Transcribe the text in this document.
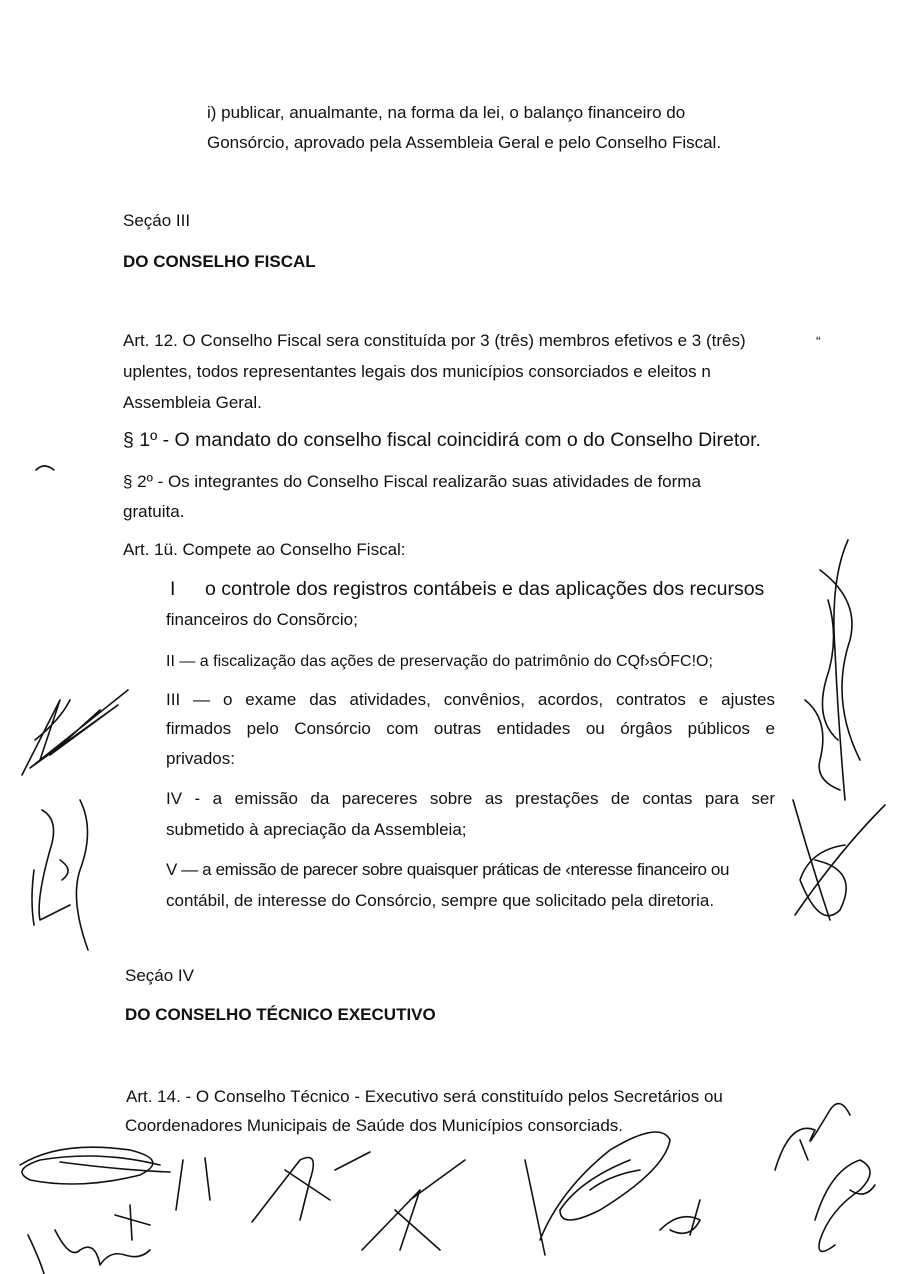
i) publicar, anualmante, na forma da lei, o balanço financeiro do
Gonsórcio, aprovado pela Assembleia Geral e pelo Conselho Fiscal.
Seçáo III
DO CONSELHO FISCAL
Art. 12. O Conselho Fiscal sera constituída por 3 (três) membros efetivos e 3 (três)	“
uplentes, todos representantes legais dos municípios consorciados e eleitos n
Assembleia Geral.
§ 1º - O mandato do conselho fiscal coincidirá com o do Conselho Diretor.
§ 2º - Os integrantes do Conselho Fiscal realizarão suas atividades de forma
gratuita.
Art. 1ü. Compete ao Conselho Fiscal:
I o controle dos registros contábeis e das aplicações dos recursos
financeiros do Consõrcio;
II — a fiscalização das ações de preservação do patrimônio do CQf›sÓFC!O;
III — o exame das atividades, convênios, acordos, contratos e ajustes
firmados pelo Consórcio com outras entidades ou órgâos públicos e
privados:
IV - a emissão da pareceres sobre as prestações de contas para ser
submetido à apreciação da Assembleia;
V — a emissão de parecer sobre quaisquer práticas de ‹nteresse financeiro ou
contábil, de interesse do Consórcio, sempre que solicitado pela diretoria.
Seçáo IV
DO CONSELHO TÉCNICO EXECUTIVO
Art. 14. - O Conselho Técnico - Executivo será constituído pelos Secretários ou
Coordenadores Municipais de Saúde dos Municípios consorciads.
